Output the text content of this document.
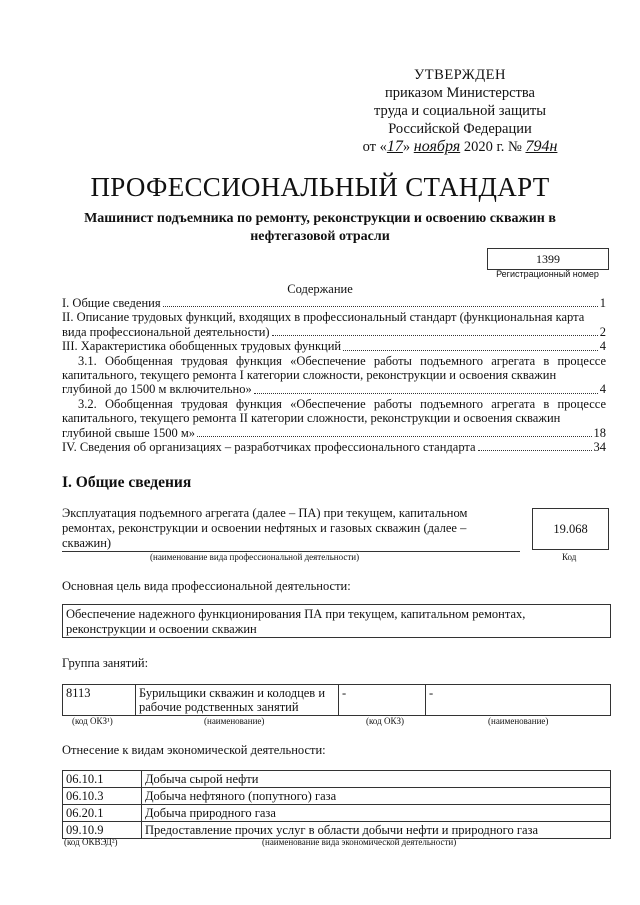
УТВЕРЖДЕН
приказом Министерства
труда и социальной защиты
Российской Федерации
от «17» ноября 2020 г. № 794н
ПРОФЕССИОНАЛЬНЫЙ СТАНДАРТ
Машинист подъемника по ремонту, реконструкции и освоению скважин в нефтегазовой отрасли
1399
Регистрационный номер
Содержание
I. Общие сведения	1
II. Описание трудовых функций, входящих в профессиональный стандарт (функциональная карта
вида профессиональной деятельности)	2
III. Характеристика обобщенных трудовых функций	4
3.1. Обобщенная трудовая функция «Обеспечение работы подъемного агрегата в процессе капитального, текущего ремонта I категории сложности, реконструкции и освоения скважин
глубиной до 1500 м включительно»	4
3.2. Обобщенная трудовая функция «Обеспечение работы подъемного агрегата в процессе капитального, текущего ремонта II категории сложности, реконструкции и освоения скважин
глубиной свыше 1500 м»	18
IV. Сведения об организациях – разработчиках профессионального стандарта	34
I. Общие сведения
Эксплуатация подъемного агрегата (далее – ПА) при текущем, капитальном ремонтах, реконструкции и освоении нефтяных и газовых скважин (далее – скважин)
(наименование вида профессиональной деятельности)
19.068
Код
Основная цель вида профессиональной деятельности:
Обеспечение надежного функционирования ПА при текущем, капитальном ремонтах, реконструкции и освоении скважин
Группа занятий:
8113	Бурильщики скважин и колодцев и рабочие родственных занятий	-	-
(код ОКЗ¹)	(наименование)	(код ОКЗ)	(наименование)
Отнесение к видам экономической деятельности:
06.10.1	Добыча сырой нефти
06.10.3	Добыча нефтяного (попутного) газа
06.20.1	Добыча природного газа
09.10.9	Предоставление прочих услуг в области добычи нефти и природного газа
(код ОКВЭД²)	(наименование вида экономической деятельности)
